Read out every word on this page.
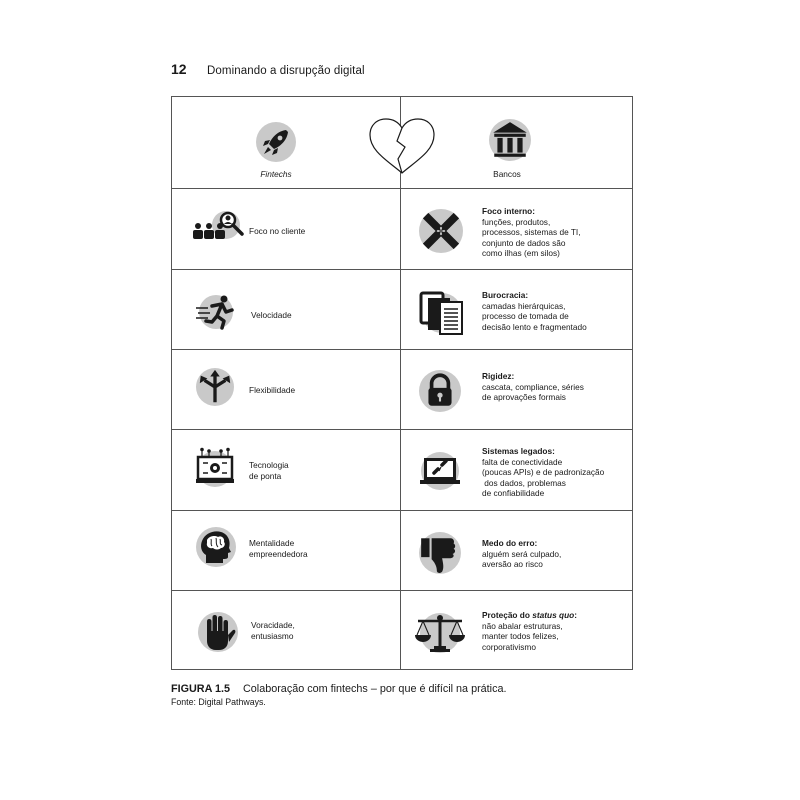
12	Dominando a disrupção digital
Fintechs	Bancos
Foco no cliente
Foco interno:
funções, produtos,
processos, sistemas de TI,
conjunto de dados são
como ilhas (em silos)
Velocidade
Burocracia:
camadas hierárquicas,
processo de tomada de
decisão lento e fragmentado
Flexibilidade
Rigidez:
cascata, compliance, séries
de aprovações formais
Tecnologia
de ponta
Sistemas legados:
falta de conectividade
(poucas APIs) e de padronização
dos dados, problemas
de confiabilidade
Mentalidade
empreendedora
Medo do erro:
alguém será culpado,
aversão ao risco
Voracidade,
entusiasmo
Proteção do status quo:
não abalar estruturas,
manter todos felizes,
corporativismo
FIGURA 1.5 Colaboração com fintechs – por que é difícil na prática.
Fonte: Digital Pathways.
